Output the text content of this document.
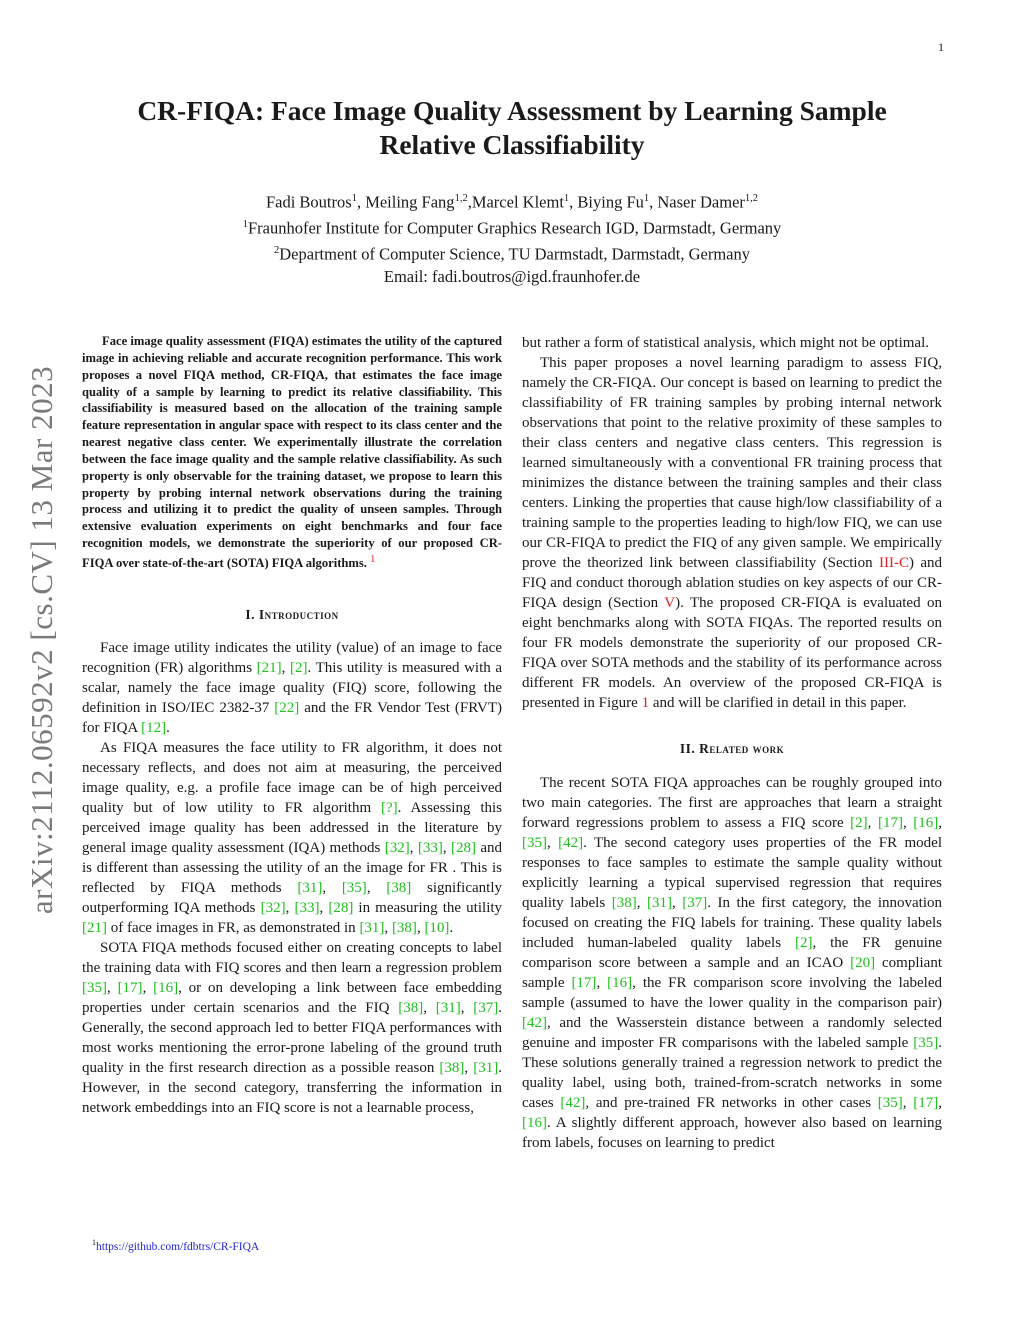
1
arXiv:2112.06592v2 [cs.CV] 13 Mar 2023
CR-FIQA: Face Image Quality Assessment by Learning Sample Relative Classifiability
Fadi Boutros$^1$, Meiling Fang$^{1,2}$,Marcel Klemt$^1$, Biying Fu$^1$, Naser Damer$^{1,2}$
$^1$Fraunhofer Institute for Computer Graphics Research IGD, Darmstadt, Germany
$^2$Department of Computer Science, TU Darmstadt, Darmstadt, Germany
Email: fadi.boutros@igd.fraunhofer.de

Face image quality assessment (FIQA) estimates the utility of the captured image in achieving reliable and accurate recognition performance. This work proposes a novel FIQA method, CR-FIQA, that estimates the face image quality of a sample by learning to predict its relative classifiability. This classifiability is measured based on the allocation of the training sample feature representation in angular space with respect to its class center and the nearest negative class center. We experimentally illustrate the correlation between the face image quality and the sample relative classifiability. As such property is only observable for the training dataset, we propose to learn this property by probing internal network observations during the training process and utilizing it to predict the quality of unseen samples. Through extensive evaluation experiments on eight benchmarks and four face recognition models, we demonstrate the superiority of our proposed CR-FIQA over state-of-the-art (SOTA) FIQA algorithms. $^1$

I. Introduction

Face image utility indicates the utility (value) of an image to face recognition (FR) algorithms [21], [2]. This utility is measured with a scalar, namely the face image quality (FIQ) score, following the definition in ISO/IEC 2382-37 [22] and the FR Vendor Test (FRVT) for FIQA [12].

As FIQA measures the face utility to FR algorithm, it does not necessary reflects, and does not aim at measuring, the perceived image quality, e.g. a profile face image can be of high perceived quality but of low utility to FR algorithm [?]. Assessing this perceived image quality has been addressed in the literature by general image quality assessment (IQA) methods [32], [33], [28] and is different than assessing the utility of an the image for FR . This is reflected by FIQA methods [31], [35], [38] significantly outperforming IQA methods [32], [33], [28] in measuring the utility [21] of face images in FR, as demonstrated in [31], [38], [10].

SOTA FIQA methods focused either on creating concepts to label the training data with FIQ scores and then learn a regression problem [35], [17], [16], or on developing a link between face embedding properties under certain scenarios and the FIQ [38], [31], [37]. Generally, the second approach led to better FIQA performances with most works mentioning the error-prone labeling of the ground truth quality in the first research direction as a possible reason [38], [31]. However, in the second category, transferring the information in network embeddings into an FIQ score is not a learnable process,

but rather a form of statistical analysis, which might not be optimal.

This paper proposes a novel learning paradigm to assess FIQ, namely the CR-FIQA. Our concept is based on learning to predict the classifiability of FR training samples by probing internal network observations that point to the relative proximity of these samples to their class centers and negative class centers. This regression is learned simultaneously with a conventional FR training process that minimizes the distance between the training samples and their class centers. Linking the properties that cause high/low classifiability of a training sample to the properties leading to high/low FIQ, we can use our CR-FIQA to predict the FIQ of any given sample. We empirically prove the theorized link between classifiability (Section III-C) and FIQ and conduct thorough ablation studies on key aspects of our CR-FIQA design (Section V). The proposed CR-FIQA is evaluated on eight benchmarks along with SOTA FIQAs. The reported results on four FR models demonstrate the superiority of our proposed CR-FIQA over SOTA methods and the stability of its performance across different FR models. An overview of the proposed CR-FIQA is presented in Figure 1 and will be clarified in detail in this paper.

II. Related work

The recent SOTA FIQA approaches can be roughly grouped into two main categories. The first are approaches that learn a straight forward regressions problem to assess a FIQ score [2], [17], [16], [35], [42]. The second category uses properties of the FR model responses to face samples to estimate the sample quality without explicitly learning a typical supervised regression that requires quality labels [38], [31], [37]. In the first category, the innovation focused on creating the FIQ labels for training. These quality labels included human-labeled quality labels [2], the FR genuine comparison score between a sample and an ICAO [20] compliant sample [17], [16], the FR comparison score involving the labeled sample (assumed to have the lower quality in the comparison pair) [42], and the Wasserstein distance between a randomly selected genuine and imposter FR comparisons with the labeled sample [35]. These solutions generally trained a regression network to predict the quality label, using both, trained-from-scratch networks in some cases [42], and pre-trained FR networks in other cases [35], [17], [16]. A slightly different approach, however also based on learning from labels, focuses on learning to predict

$^1$https://github.com/fdbtrs/CR-FIQA
